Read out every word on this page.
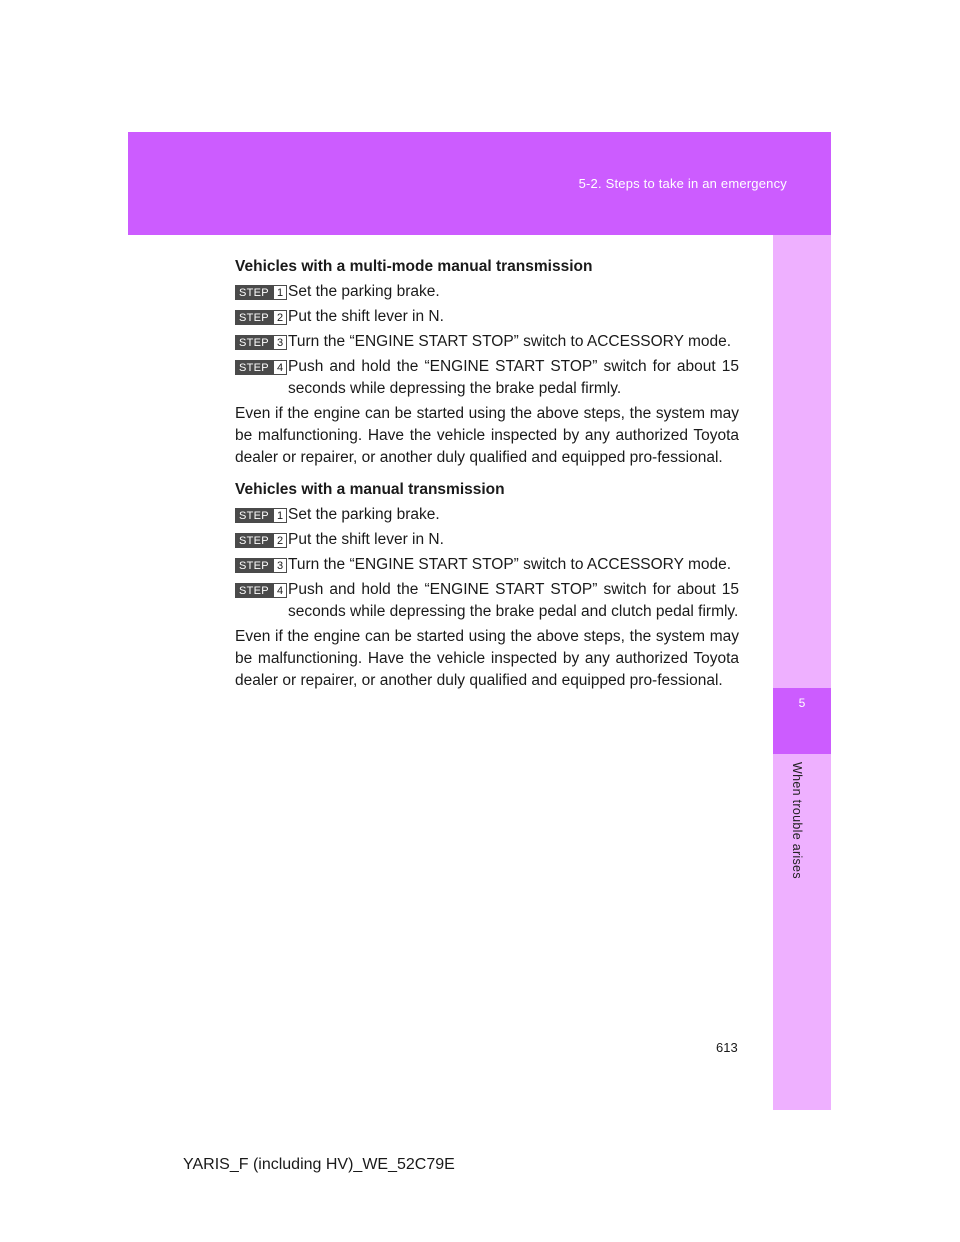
5-2. Steps to take in an emergency
5
When trouble arises
Vehicles with a multi-mode manual transmission
STEP 1 Set the parking brake.
STEP 2 Put the shift lever in N.
STEP 3 Turn the “ENGINE START STOP” switch to ACCESSORY mode.
STEP 4 Push and hold the “ENGINE START STOP” switch for about 15 seconds while depressing the brake pedal firmly.
Even if the engine can be started using the above steps, the system may be malfunctioning. Have the vehicle inspected by any authorized Toyota dealer or repairer, or another duly qualified and equipped pro-fessional.
Vehicles with a manual transmission
STEP 1 Set the parking brake.
STEP 2 Put the shift lever in N.
STEP 3 Turn the “ENGINE START STOP” switch to ACCESSORY mode.
STEP 4 Push and hold the “ENGINE START STOP” switch for about 15 seconds while depressing the brake pedal and clutch pedal firmly.
Even if the engine can be started using the above steps, the system may be malfunctioning. Have the vehicle inspected by any authorized Toyota dealer or repairer, or another duly qualified and equipped pro-fessional.
613
YARIS_F (including HV)_WE_52C79E
